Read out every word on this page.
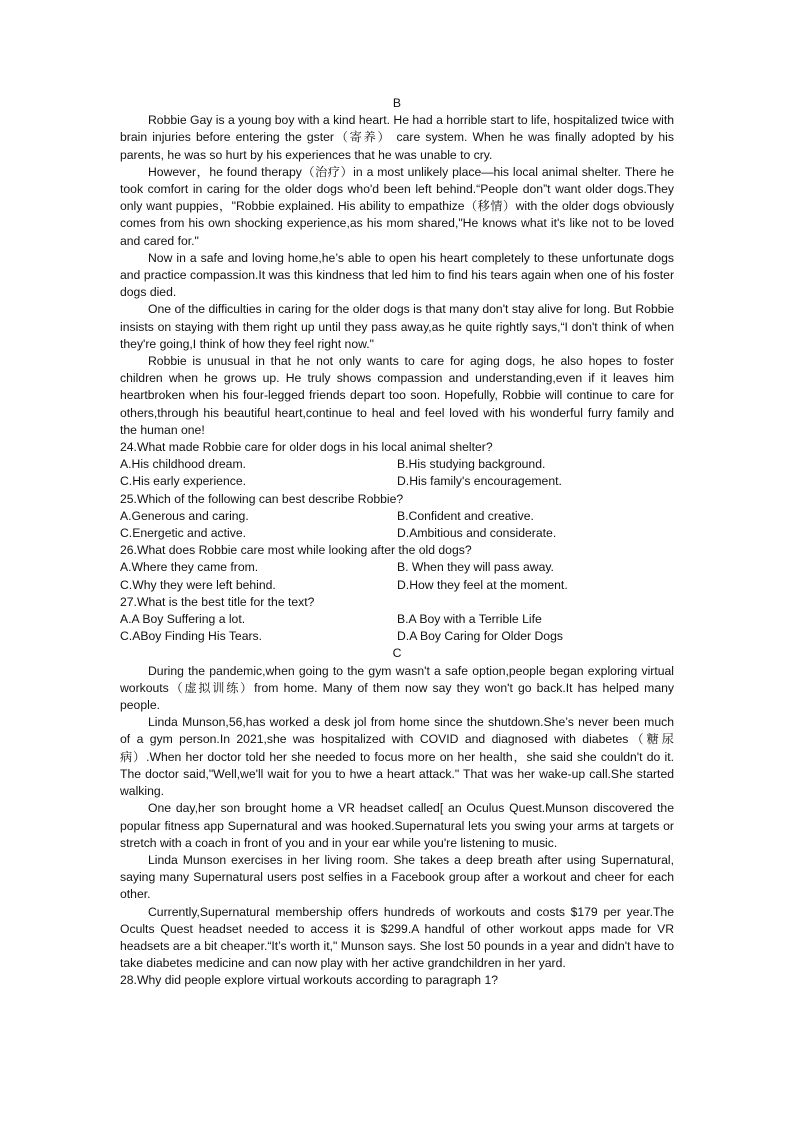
B

Robbie Gay is a young boy with a kind heart. He had a horrible start to life, hospitalized twice with brain injuries before entering the gster（寄养） care system. When he was finally adopted by his parents, he was so hurt by his experiences that he was unable to cry.

However，he found therapy（治疗）in a most unlikely place—his local animal shelter. There he took comfort in caring for the older dogs who'd been left behind.“People don”t want older dogs.They only want puppies，"Robbie explained. His ability to empathize（移情）with the older dogs obviously comes from his own shocking experience,as his mom shared,"He knows what it's like not to be loved and cared for."

Now in a safe and loving home,he’s able to open his heart completely to these unfortunate dogs and practice compassion.It was this kindness that led him to find his tears again when one of his foster dogs died.

One of the difficulties in caring for the older dogs is that many don't stay alive for long. But Robbie insists on staying with them right up until they pass away,as he quite rightly says,“I don't think of when they're going,I think of how they feel right now."

Robbie is unusual in that he not only wants to care for aging dogs, he also hopes to foster children when he grows up. He truly shows compassion and understanding,even if it leaves him heartbroken when his four-legged friends depart too soon. Hopefully, Robbie will continue to care for others,through his beautiful heart,continue to heal and feel loved with his wonderful furry family and the human one!

24.What made Robbie care for older dogs in his local animal shelter?

A.His childhood dream.	B.His studying background.
C.His early experience.	D.His family's encouragement.

25.Which of the following can best describe Robbie?

A.Generous and caring.	B.Confident and creative.
C.Energetic and active.	D.Ambitious and considerate.

26.What does Robbie care most while looking after the old dogs?

A.Where they came from.	B. When they will pass away.
C.Why they were left behind.	D.How they feel at the moment.

27.What is the best title for the text?

A.A Boy Suffering a lot.	B.A Boy with a Terrible Life
C.ABoy Finding His Tears.	D.A Boy Caring for Older Dogs

C

During the pandemic,when going to the gym wasn't a safe option,people began exploring virtual workouts（虚拟训练）from home. Many of them now say they won't go back.It has helped many people.

Linda Munson,56,has worked a desk jol from home since the shutdown.She’s never been much of a gym person.In 2021,she was hospitalized with COVID and diagnosed with diabetes（糖尿病）.When her doctor told her she needed to focus more on her health，she said she couldn't do it. The doctor said,"Well,we'll wait for you to hwe a heart attack." That was her wake-up call.She started walking.

One day,her son brought home a VR headset called[ an Oculus Quest.Munson discovered the popular fitness app Supernatural and was hooked.Supernatural lets you swing your arms at targets or stretch with a coach in front of you and in your ear while you're listening to music.

Linda Munson exercises in her living room. She takes a deep breath after using Supernatural, saying many Supernatural users post selfies in a Facebook group after a workout and cheer for each other.

Currently,Supernatural membership offers hundreds of workouts and costs $179 per year.The Ocults Quest headset needed to access it is $299.A handful of other workout apps made for VR headsets are a bit cheaper.“It’s worth it," Munson says. She lost 50 pounds in a year and didn't have to take diabetes medicine and can now play with her active grandchildren in her yard.

28.Why did people explore virtual workouts according to paragraph 1?
